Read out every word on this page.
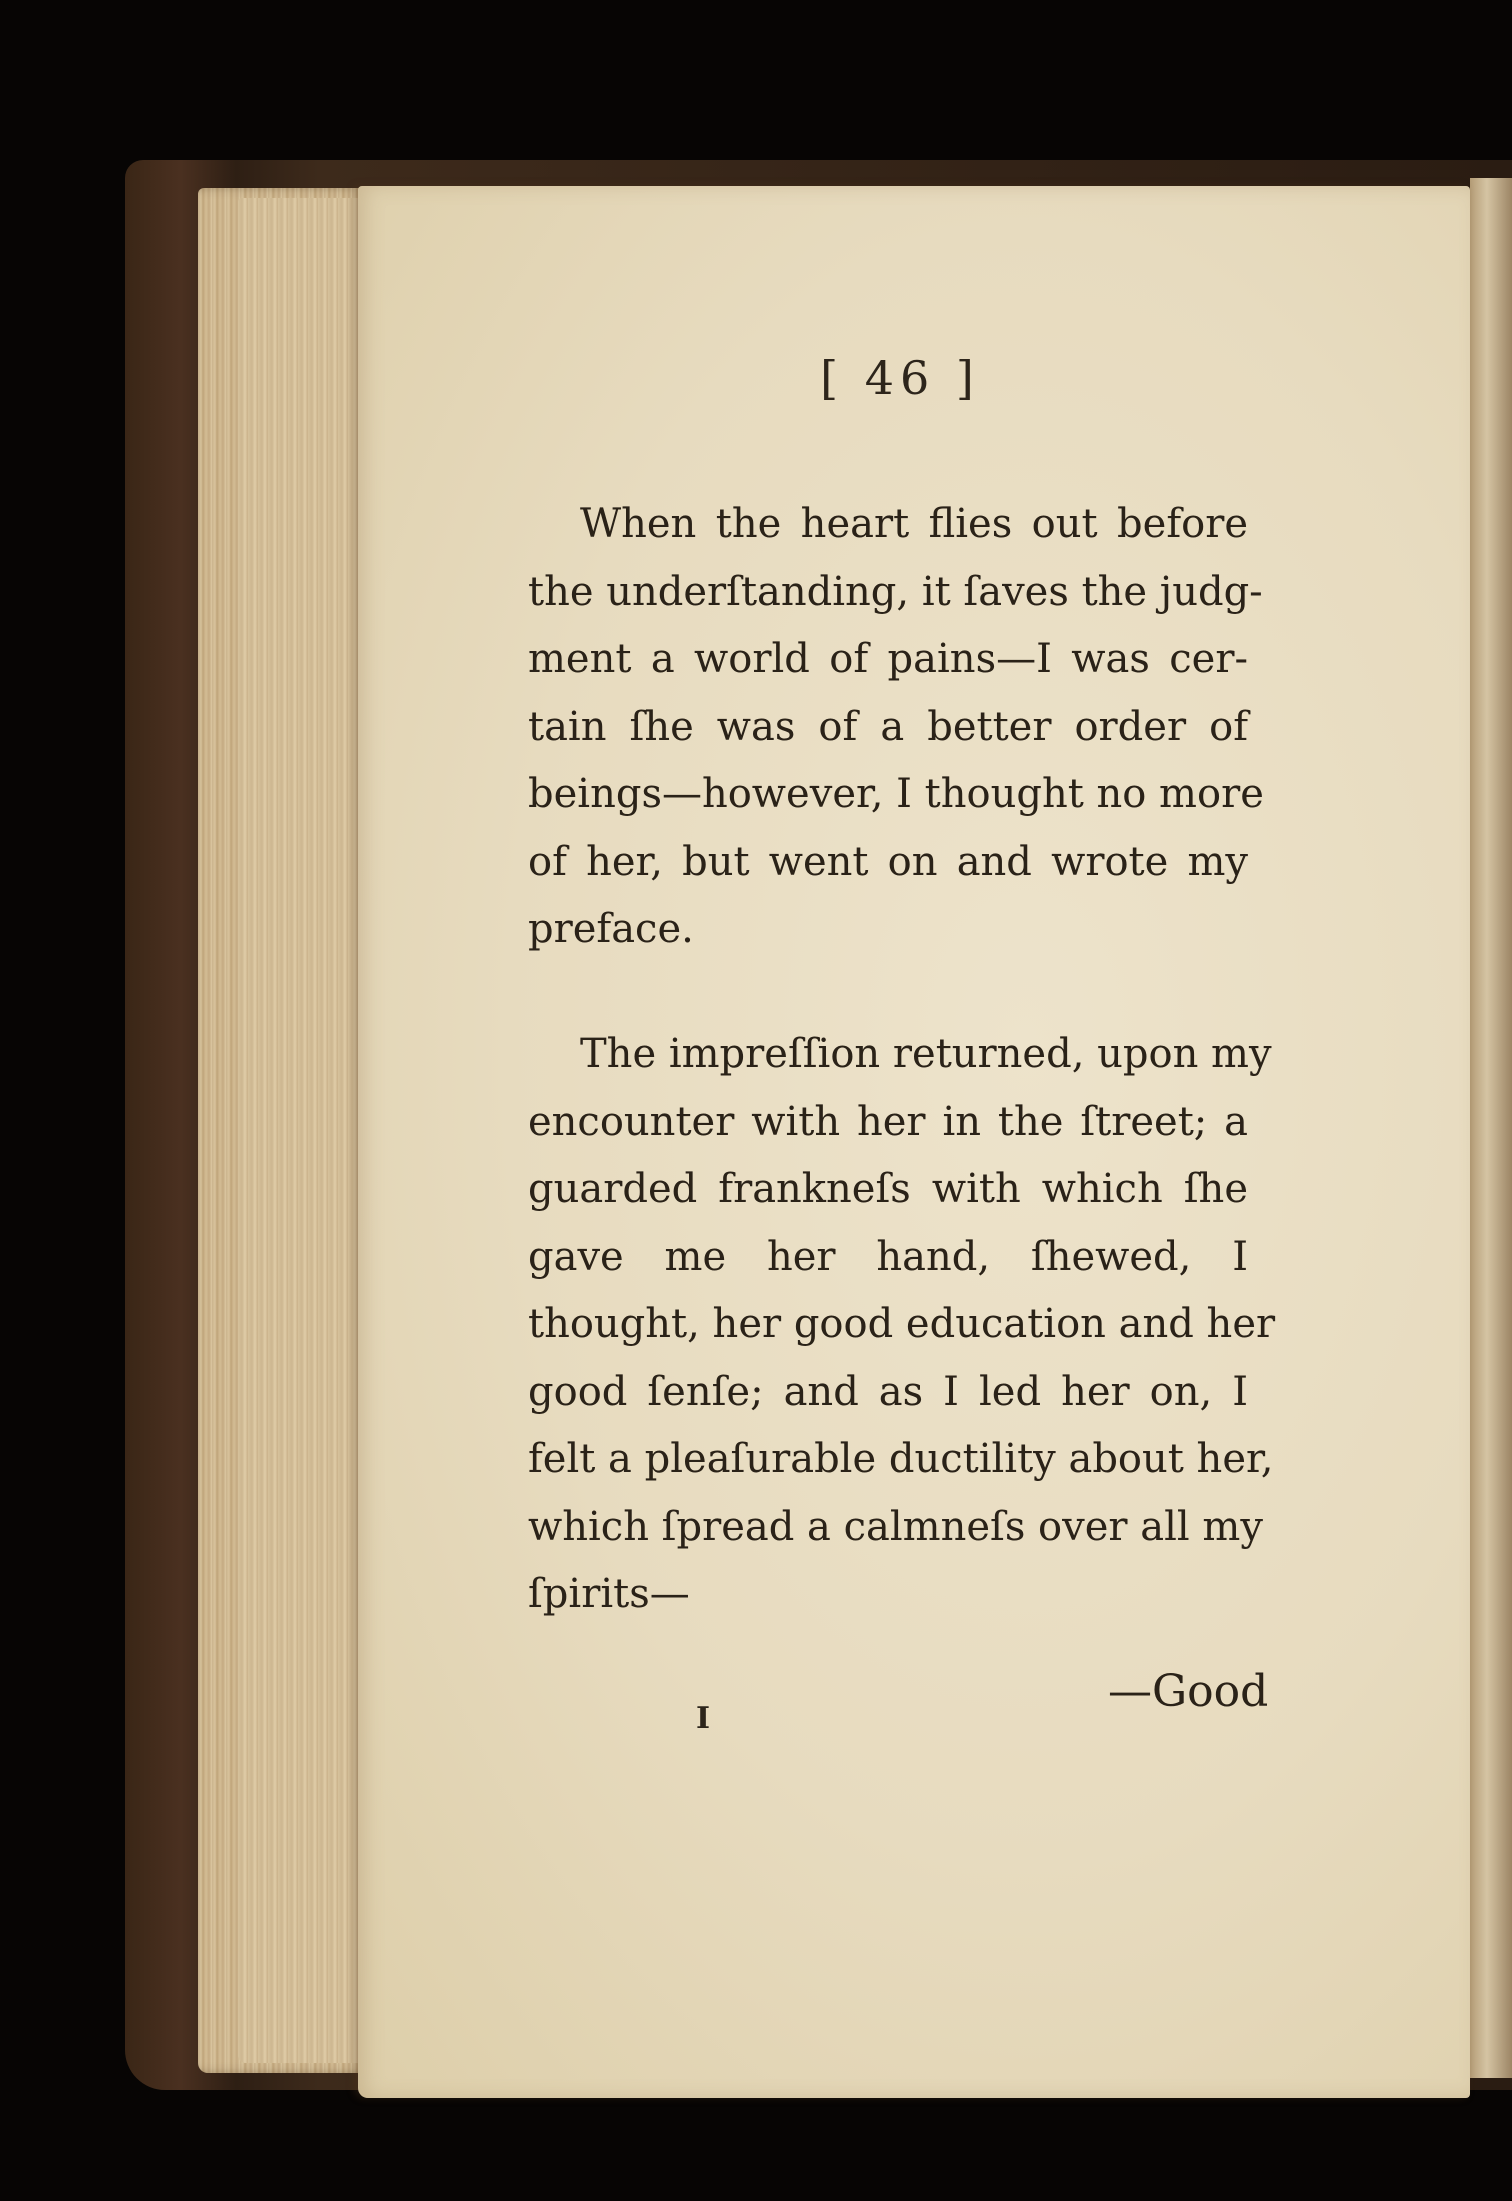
[ 46 ]
When the heart flies out before
the underſtanding, it ſaves the judg-
ment a world of pains—I was cer-
tain ſhe was of a better order of
beings—however, I thought no more
of her, but went on and wrote my
preface.
The impreſſion returned, upon my
encounter with her in the ſtreet; a
guarded frankneſs with which ſhe
gave me her hand, ſhewed, I
thought, her good education and her
good ſenſe; and as I led her on, I
felt a pleaſurable ductility about her,
which ſpread a calmneſs over all my
ſpirits—
I
—Good
